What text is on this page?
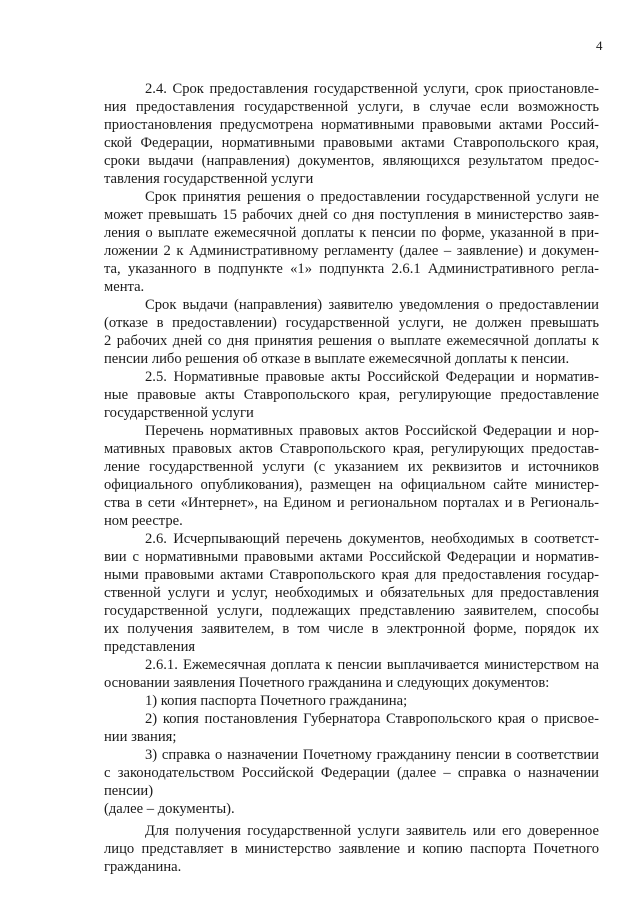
4

2.4. Срок предоставления государственной услуги, срок приостановле-

ния предоставления государственной услуги, в случае если возможность

приостановления предусмотрена нормативными правовыми актами Россий-

ской Федерации, нормативными правовыми актами Ставропольского края,

сроки выдачи (направления) документов, являющихся результатом предос-

тавления государственной услуги

Срок принятия решения о предоставлении государственной услуги не

может превышать 15 рабочих дней со дня поступления в министерство заяв-

ления о выплате ежемесячной доплаты к пенсии по форме, указанной в при-

ложении 2 к Административному регламенту (далее – заявление) и докумен-

та, указанного в подпункте «1» подпункта 2.6.1 Административного регла-

мента.

Срок выдачи (направления) заявителю уведомления о предоставлении

(отказе в предоставлении) государственной услуги, не должен превышать

2 рабочих дней со дня принятия решения о выплате ежемесячной доплаты к

пенсии либо решения об отказе в выплате ежемесячной доплаты к пенсии.

2.5. Нормативные правовые акты Российской Федерации и норматив-

ные правовые акты Ставропольского края, регулирующие предоставление

государственной услуги

Перечень нормативных правовых актов Российской Федерации и нор-

мативных правовых актов Ставропольского края, регулирующих предостав-

ление государственной услуги (с указанием их реквизитов и источников

официального опубликования), размещен на официальном сайте министер-

ства в сети «Интернет», на Едином и региональном порталах и в Региональ-

ном реестре.

2.6. Исчерпывающий перечень документов, необходимых в соответст-

вии с нормативными правовыми актами Российской Федерации и норматив-

ными правовыми актами Ставропольского края для предоставления государ-

ственной услуги и услуг, необходимых и обязательных для предоставления

государственной услуги, подлежащих представлению заявителем, способы

их получения заявителем, в том числе в электронной форме, порядок их

представления

2.6.1. Ежемесячная доплата к пенсии выплачивается министерством на

основании заявления Почетного гражданина и следующих документов:

1) копия паспорта Почетного гражданина;

2) копия постановления Губернатора Ставропольского края о присвое-

нии звания;

3) справка о назначении Почетному гражданину пенсии в соответствии

с законодательством Российской Федерации (далее – справка о назначении

пенсии)

(далее – документы).

Для получения государственной услуги заявитель или его доверенное

лицо представляет в министерство заявление и копию паспорта Почетного

гражданина.
